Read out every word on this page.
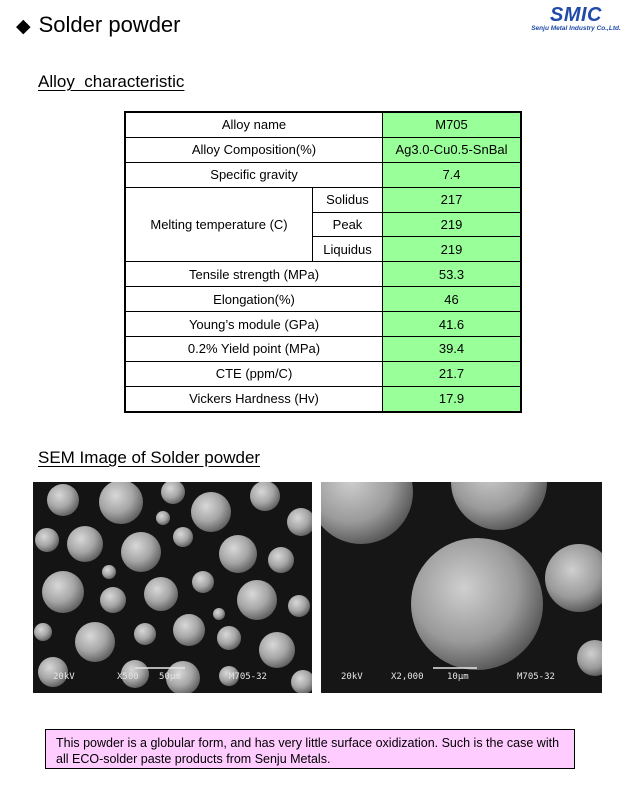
◆ Solder powder	SMIC
Senju Metal Industry Co.,Ltd.
Alloy  characteristic
Alloy name		M705
Alloy Composition(%)		Ag3.0-Cu0.5-SnBal
Specific gravity		7.4
Melting temperature (C)	Solidus	217
	Peak	219
	Liquidus	219
Tensile strength (MPa)		53.3
Elongation(%)		46
Young’s module (GPa)		41.6
0.2% Yield point (MPa)		39.4
CTE (ppm/C)		21.7
Vickers Hardness (Hv)		17.9
SEM Image of Solder powder
20kV	X500 50μm	M705-32	20kV	X2,000	10μm	M705-32
This powder is a globular form, and has very little surface oxidization. Such is the case with all ECO-solder paste products from Senju Metals.
